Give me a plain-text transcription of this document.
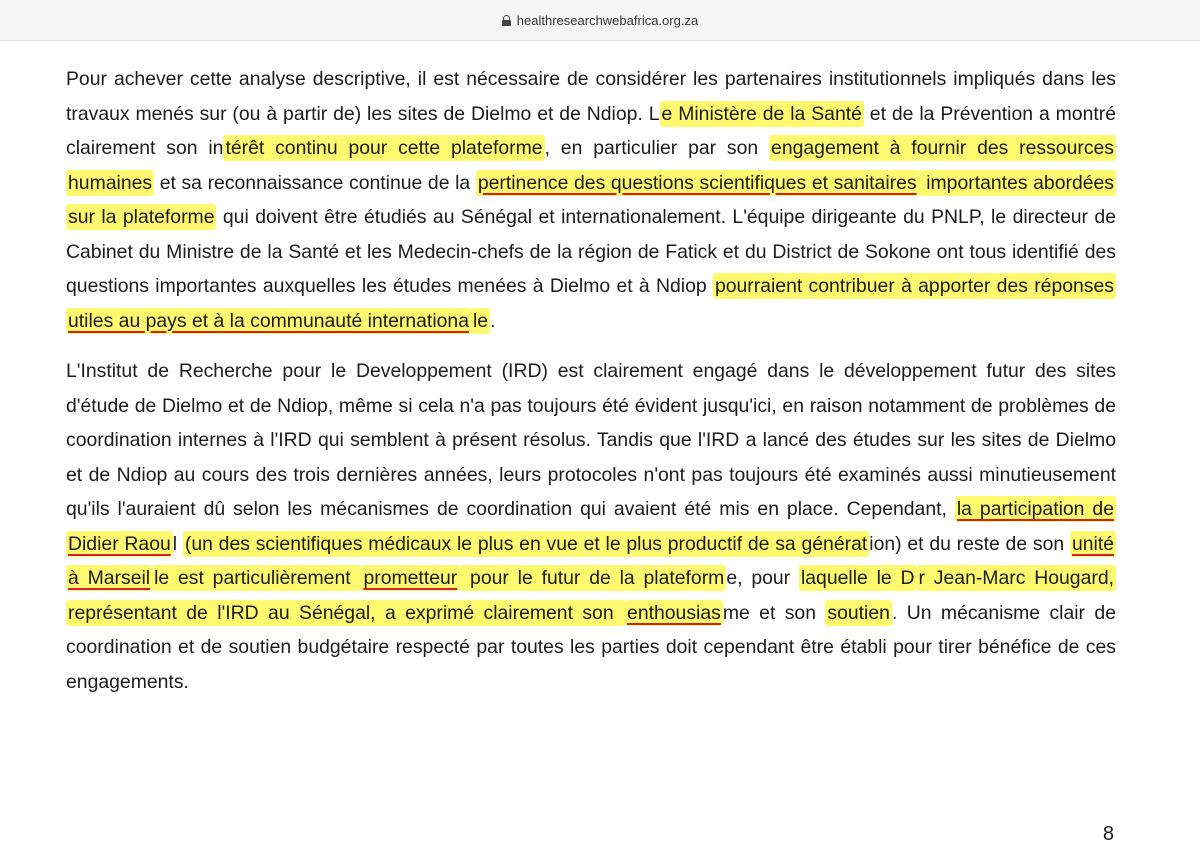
healthresearchwebafrica.org.za

Pour achever cette analyse descriptive, il est nécessaire de considérer les partenaires institutionnels impliqués dans les travaux menés sur (ou à partir de) les sites de Dielmo et de Ndiop. L e Ministère de la Santé et de la Prévention a montré clairement son in térêt continu pour cette plateforme , en particulier par son engagement à fournir des ressources humaines et sa reconnaissance continue de la pertinence des questions scientifiques et sanitaires importantes abordées sur la plateforme qui doivent être étudiés au Sénégal et internationalement. L'équipe dirigeante du PNLP, le directeur de Cabinet du Ministre de la Santé et les Medecin-chefs de la région de Fatick et du District de Sokone ont tous identifié des questions importantes auxquelles les études menées à Dielmo et à Ndiop pourraient contribuer à apporter des réponses utiles au pays et à la communauté internationa le .

L'Institut de Recherche pour le Developpement (IRD) est clairement engagé dans le développement futur des sites d'étude de Dielmo et de Ndiop, même si cela n'a pas toujours été évident jusqu'ici, en raison notamment de problèmes de coordination internes à l'IRD qui semblent à présent résolus. Tandis que l'IRD a lancé des études sur les sites de Dielmo et de Ndiop au cours des trois dernières années, leurs protocoles n'ont pas toujours été examinés aussi minutieusement qu'ils l'auraient dû selon les mécanismes de coordination qui avaient été mis en place. Cependant, la participation de Didier Raou l (un des scientifiques médicaux le plus en vue et le plus productif de sa générat ion) et du reste de son unité à Marseil le est particulièrement prometteur pour le futur de la plateform e, pour laquelle le D r Jean-Marc Hougard, représentant de l'IRD au Sénégal, a exprimé clairement son enthousias me et son soutien . Un mécanisme clair de coordination et de soutien budgétaire respecté par toutes les parties doit cependant être établi pour tirer bénéfice de ces engagements.

8
